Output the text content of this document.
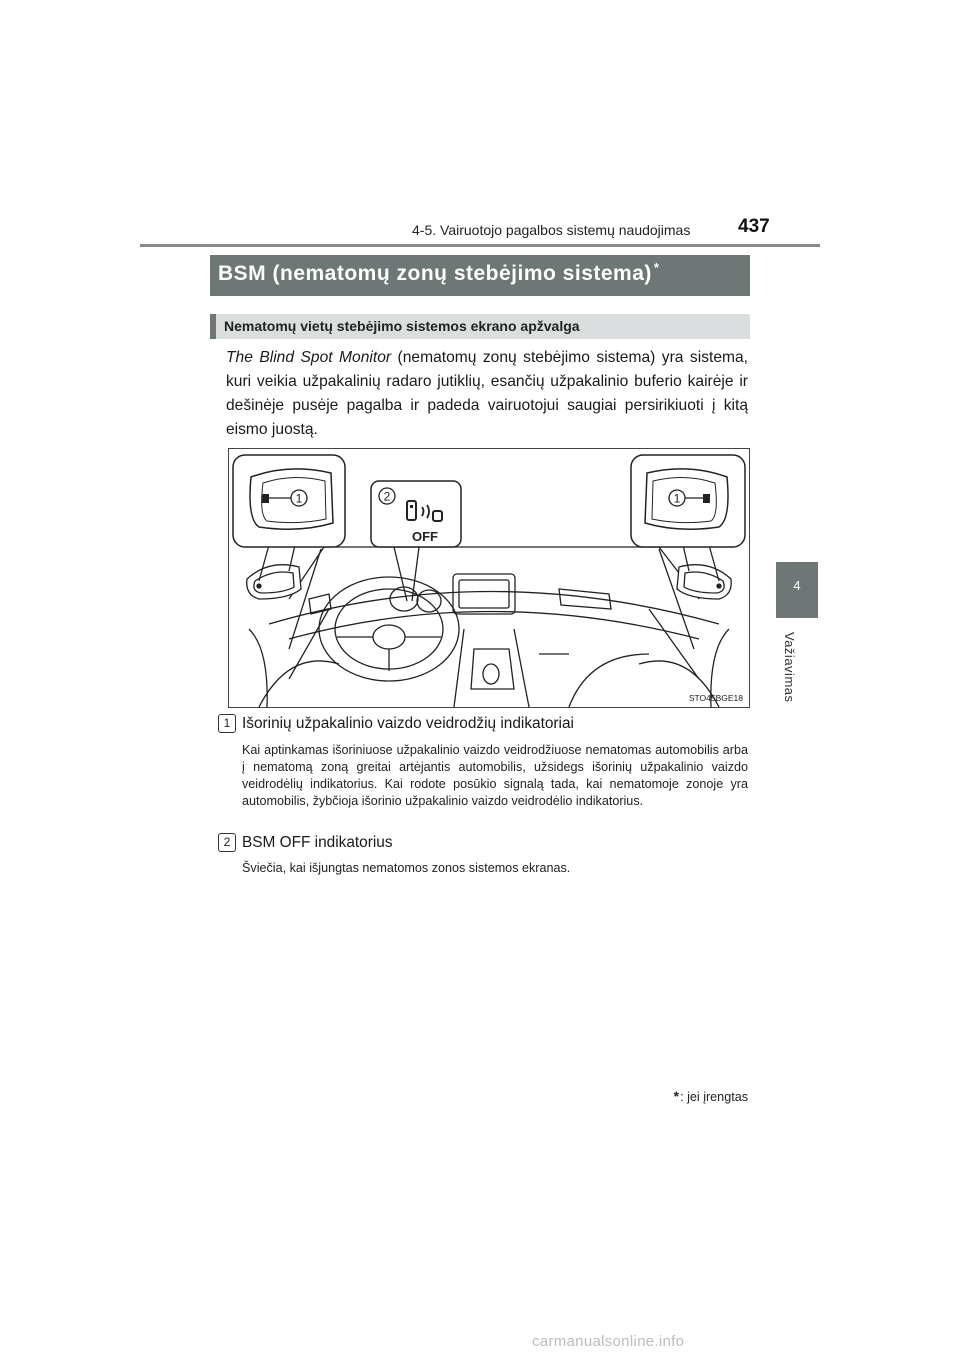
4-5. Vairuotojo pagalbos sistemų naudojimas	437
4
Važiavimas
BSM (nematomų zonų stebėjimo sistema) *
Nematomų vietų stebėjimo sistemos ekrano apžvalga
The Blind Spot Monitor (nematomų zonų stebėjimo sistema) yra sistema, kuri veikia užpakalinių radaro jutiklių, esančių užpakalinio buferio kairėje ir dešinėje pusėje pagalba ir padeda vairuotojui saugiai persirikiuoti į kitą eismo juostą.
1	1
2
OFF
STO45BGE18
1 Išorinių užpakalinio vaizdo veidrodžių indikatoriai
Kai aptinkamas išoriniuose užpakalinio vaizdo veidrodžiuose nematomas automobilis arba į nematomą zoną greitai artėjantis automobilis, užsidegs išorinių užpakalinio vaizdo veidrodėlių indikatorius. Kai rodote posūkio signalą tada, kai nematomoje zonoje yra automobilis, žybčioja išorinio užpakalinio vaizdo veidrodėlio indikatorius.
2 BSM OFF indikatorius
Šviečia, kai išjungtas nematomos zonos sistemos ekranas.
*: jei įrengtas
carmanualsonline.info
